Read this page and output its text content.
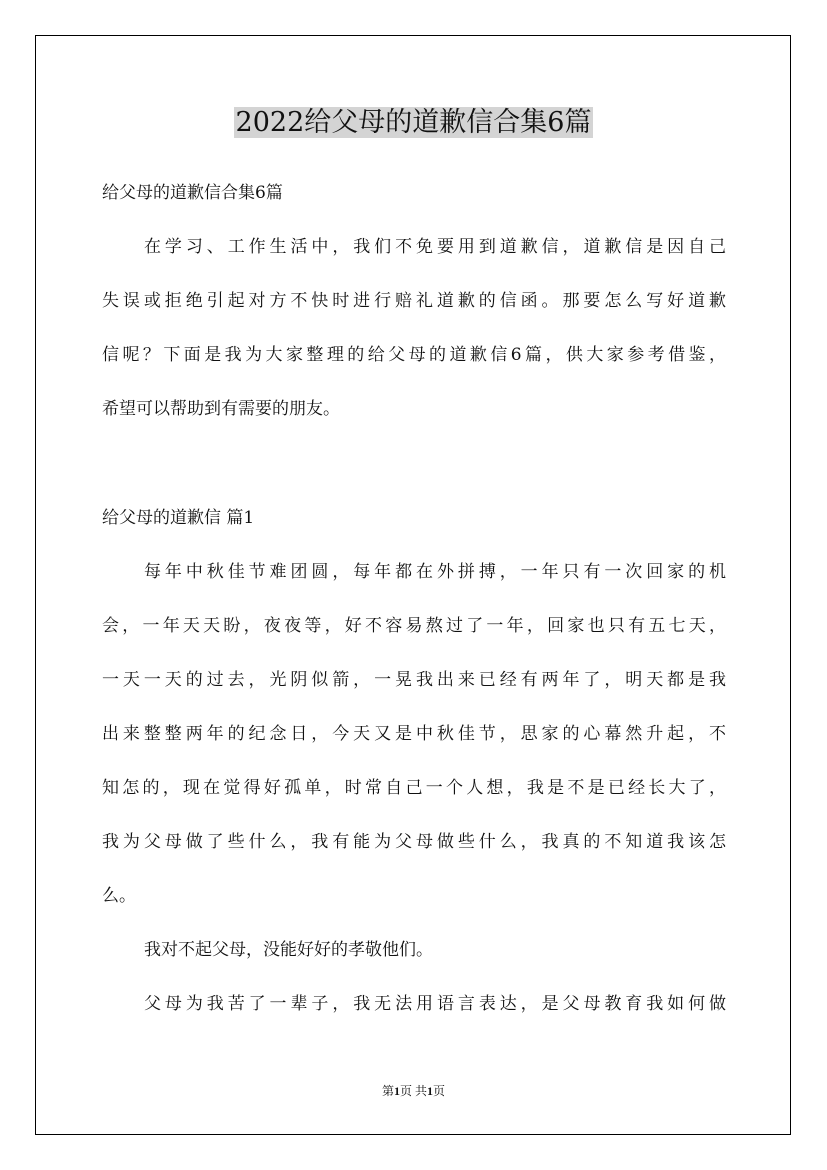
2022给父母的道歉信合集6篇

给父母的道歉信合集6篇

在学习、工作生活中，我们不免要用到道歉信，道歉信是因自己

失误或拒绝引起对方不快时进行赔礼道歉的信函。那要怎么写好道歉

信呢？下面是我为大家整理的给父母的道歉信6篇，供大家参考借鉴，

希望可以帮助到有需要的朋友。

给父母的道歉信 篇1

每年中秋佳节难团圆，每年都在外拼搏，一年只有一次回家的机

会，一年天天盼，夜夜等，好不容易熬过了一年，回家也只有五七天，

一天一天的过去，光阴似箭，一晃我出来已经有两年了，明天都是我

出来整整两年的纪念日，今天又是中秋佳节，思家的心幕然升起，不

知怎的，现在觉得好孤单，时常自己一个人想，我是不是已经长大了，

我为父母做了些什么，我有能为父母做些什么，我真的不知道我该怎

么。

我对不起父母，没能好好的孝敬他们。

父母为我苦了一辈子，我无法用语言表达，是父母教育我如何做

第1页 共1页
